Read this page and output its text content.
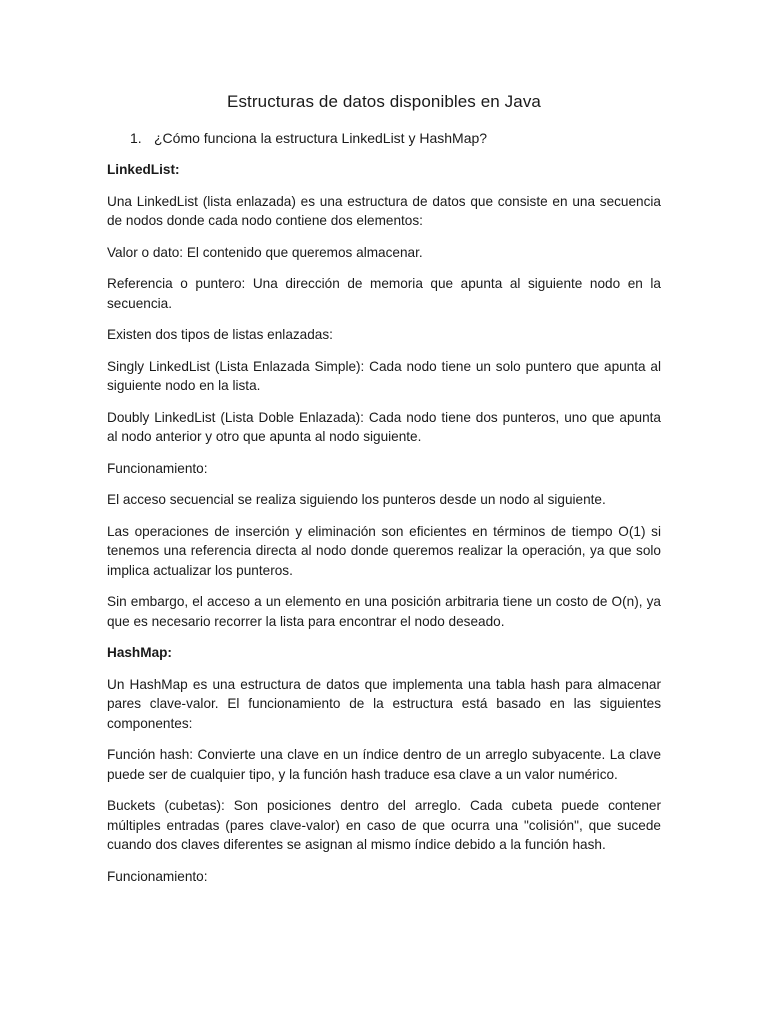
Estructuras de datos disponibles en Java
1. ¿Cómo funciona la estructura LinkedList y HashMap?

LinkedList:

Una LinkedList (lista enlazada) es una estructura de datos que consiste en una secuencia de nodos donde cada nodo contiene dos elementos:

Valor o dato: El contenido que queremos almacenar.

Referencia o puntero: Una dirección de memoria que apunta al siguiente nodo en la secuencia.

Existen dos tipos de listas enlazadas:

Singly LinkedList (Lista Enlazada Simple): Cada nodo tiene un solo puntero que apunta al siguiente nodo en la lista.

Doubly LinkedList (Lista Doble Enlazada): Cada nodo tiene dos punteros, uno que apunta al nodo anterior y otro que apunta al nodo siguiente.

Funcionamiento:

El acceso secuencial se realiza siguiendo los punteros desde un nodo al siguiente.

Las operaciones de inserción y eliminación son eficientes en términos de tiempo O(1) si tenemos una referencia directa al nodo donde queremos realizar la operación, ya que solo implica actualizar los punteros.

Sin embargo, el acceso a un elemento en una posición arbitraria tiene un costo de O(n), ya que es necesario recorrer la lista para encontrar el nodo deseado.

HashMap:

Un HashMap es una estructura de datos que implementa una tabla hash para almacenar pares clave-valor. El funcionamiento de la estructura está basado en las siguientes componentes:

Función hash: Convierte una clave en un índice dentro de un arreglo subyacente. La clave puede ser de cualquier tipo, y la función hash traduce esa clave a un valor numérico.

Buckets (cubetas): Son posiciones dentro del arreglo. Cada cubeta puede contener múltiples entradas (pares clave-valor) en caso de que ocurra una "colisión", que sucede cuando dos claves diferentes se asignan al mismo índice debido a la función hash.

Funcionamiento:
